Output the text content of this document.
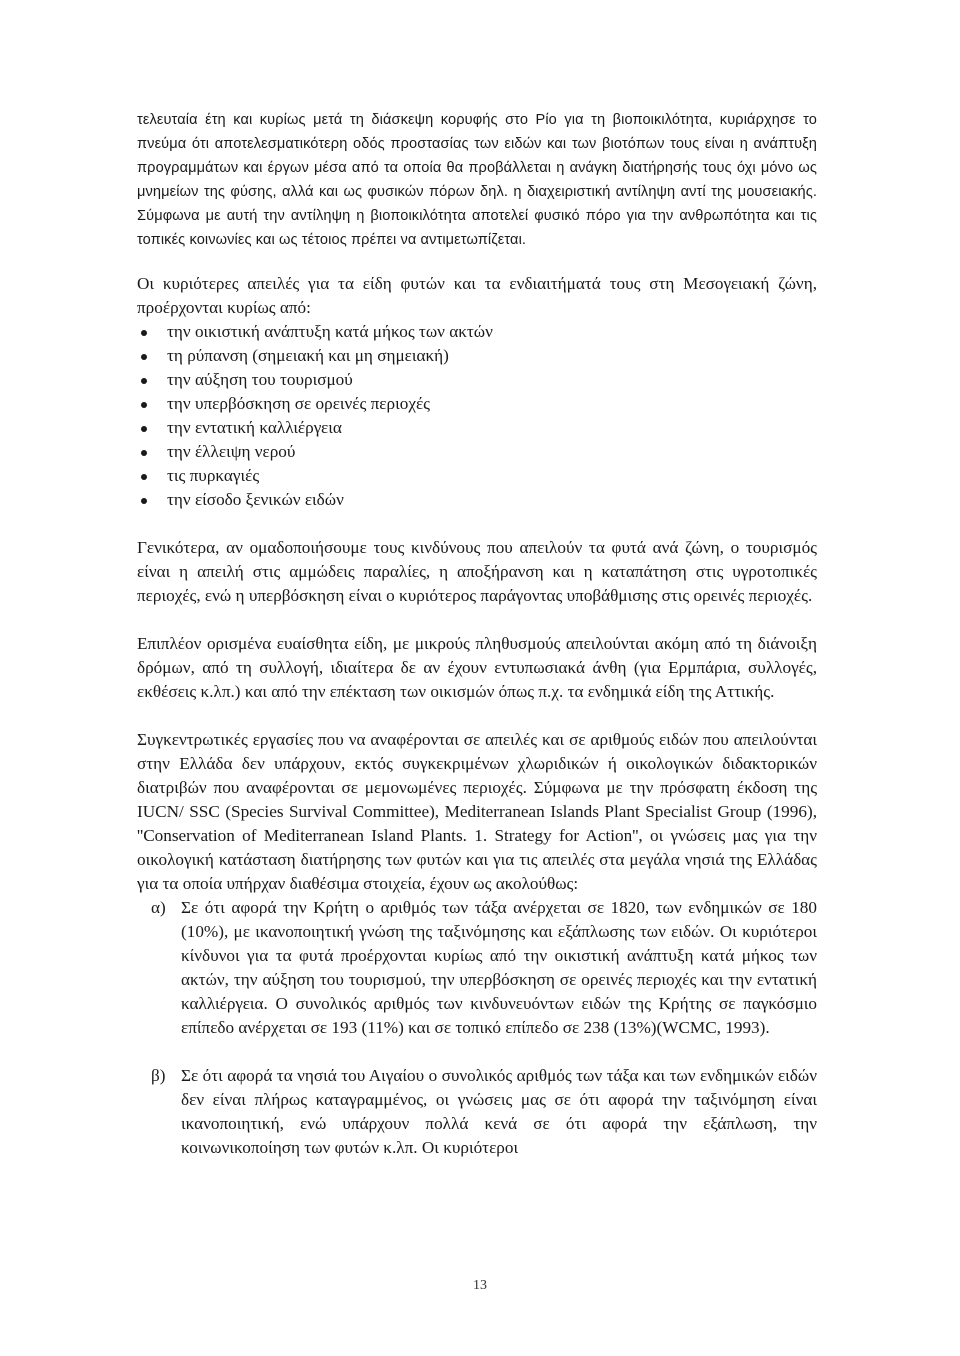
τελευταία έτη και κυρίως μετά τη διάσκεψη κορυφής στο Ρίο για τη βιοποικιλότητα, κυριάρχησε το πνεύμα ότι αποτελεσματικότερη οδός προστασίας των ειδών και των βιοτόπων τους είναι η ανάπτυξη προγραμμάτων και έργων μέσα από τα οποία θα προβάλλεται η ανάγκη διατήρησής τους όχι μόνο ως μνημείων της φύσης, αλλά και ως φυσικών πόρων δηλ. η διαχειριστική αντίληψη αντί της μουσειακής. Σύμφωνα με αυτή την αντίληψη η βιοποικιλότητα αποτελεί φυσικό πόρο για την ανθρωπότητα και τις τοπικές κοινωνίες και ως τέτοιος πρέπει να αντιμετωπίζεται.

Οι κυριότερες απειλές για τα είδη φυτών και τα ενδιαιτήματά τους στη Μεσογειακή ζώνη, προέρχονται κυρίως από:

την οικιστική ανάπτυξη κατά μήκος των ακτών
τη ρύπανση (σημειακή και μη σημειακή)
την αύξηση του τουρισμού
την υπερβόσκηση σε ορεινές περιοχές
την εντατική καλλιέργεια
την έλλειψη νερού
τις πυρκαγιές
την είσοδο ξενικών ειδών

Γενικότερα, αν ομαδοποιήσουμε τους κινδύνους που απειλούν τα φυτά ανά ζώνη, ο τουρισμός είναι η απειλή στις αμμώδεις παραλίες, η αποξήρανση και η καταπάτηση στις υγροτοπικές περιοχές, ενώ η υπερβόσκηση είναι ο κυριότερος παράγοντας υποβάθμισης στις ορεινές περιοχές.

Επιπλέον ορισμένα ευαίσθητα είδη, με μικρούς πληθυσμούς απειλούνται ακόμη από τη διάνοιξη δρόμων, από τη συλλογή, ιδιαίτερα δε αν έχουν εντυπωσιακά άνθη (για Ερμπάρια, συλλογές, εκθέσεις κ.λπ.) και από την επέκταση των οικισμών όπως π.χ. τα ενδημικά είδη της Αττικής.

Συγκεντρωτικές εργασίες που να αναφέρονται σε απειλές και σε αριθμούς ειδών που απειλούνται στην Ελλάδα δεν υπάρχουν, εκτός συγκεκριμένων χλωριδικών ή οικολογικών διδακτορικών διατριβών που αναφέρονται σε μεμονωμένες περιοχές. Σύμφωνα με την πρόσφατη έκδοση της IUCN/ SSC (Species Survival Committee), Mediterranean Islands Plant Specialist Group (1996), ''Conservation of Mediterranean Island Plants. 1. Strategy for Action'', οι γνώσεις μας για την οικολογική κατάσταση διατήρησης των φυτών και για τις απειλές στα μεγάλα νησιά της Ελλάδας για τα οποία υπήρχαν διαθέσιμα στοιχεία, έχουν ως ακολούθως:

α) Σε ότι αφορά την Κρήτη ο αριθμός των τάξα ανέρχεται σε 1820, των ενδημικών σε 180 (10%), με ικανοποιητική γνώση της ταξινόμησης και εξάπλωσης των ειδών. Οι κυριότεροι κίνδυνοι για τα φυτά προέρχονται κυρίως από την οικιστική ανάπτυξη κατά μήκος των ακτών, την αύξηση του τουρισμού, την υπερβόσκηση σε ορεινές περιοχές και την εντατική καλλιέργεια. Ο συνολικός αριθμός των κινδυνευόντων ειδών της Κρήτης σε παγκόσμιο επίπεδο ανέρχεται σε 193 (11%) και σε τοπικό επίπεδο σε 238 (13%)(WCMC, 1993).
β) Σε ότι αφορά τα νησιά του Αιγαίου ο συνολικός αριθμός των τάξα και των ενδημικών ειδών δεν είναι πλήρως καταγραμμένος, οι γνώσεις μας σε ότι αφορά την ταξινόμηση είναι ικανοποιητική, ενώ υπάρχουν πολλά κενά σε ότι αφορά την εξάπλωση, την κοινωνικοποίηση των φυτών κ.λπ. Οι κυριότεροι
13
